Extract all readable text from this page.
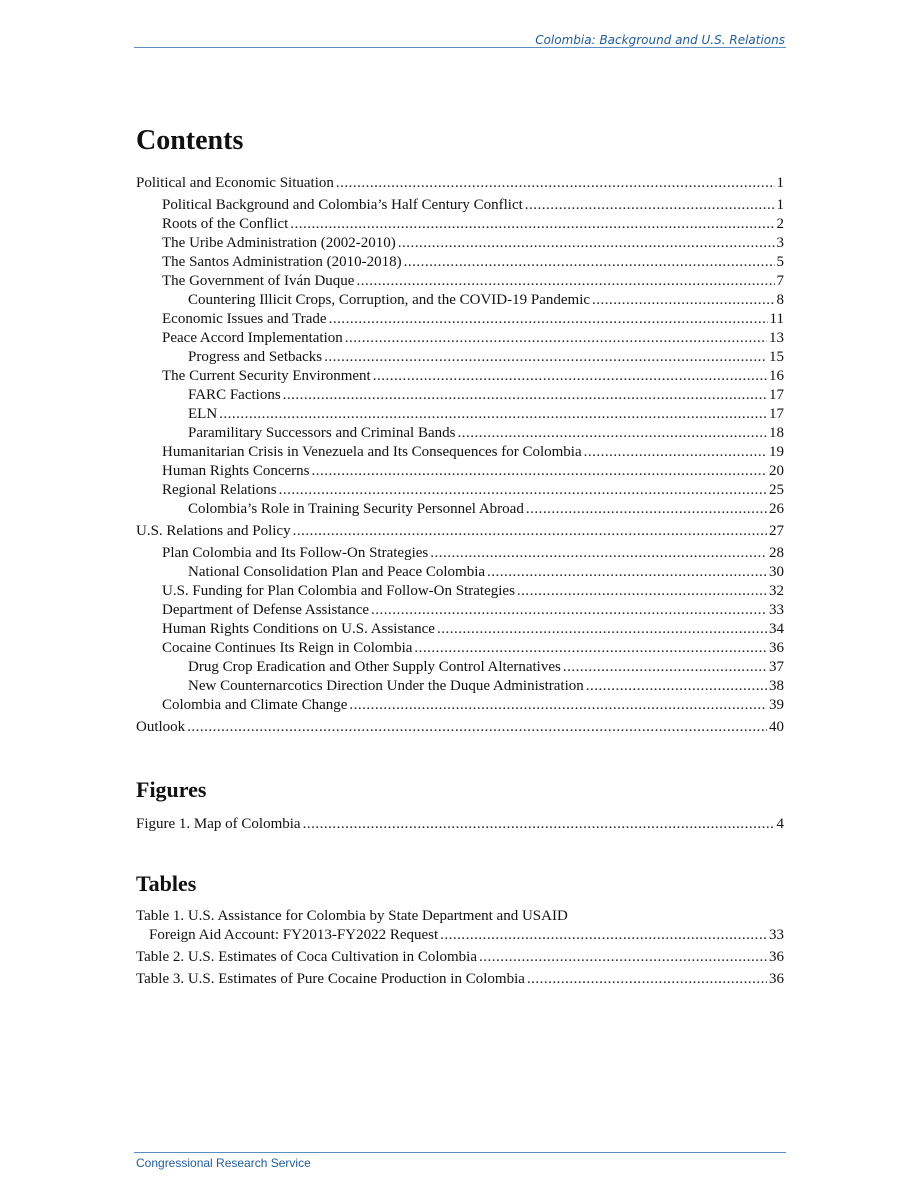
Colombia: Background and U.S. Relations
Contents
Political and Economic Situation .....	1
Political Background and Colombia’s Half Century Conflict .....	1
Roots of the Conflict .....	2
The Uribe Administration (2002-2010) .....	3
The Santos Administration (2010-2018) .....	5
The Government of Iván Duque .....	7
Countering Illicit Crops, Corruption, and the COVID-19 Pandemic .....	8
Economic Issues and Trade .....	11
Peace Accord Implementation .....	13
Progress and Setbacks .....	15
The Current Security Environment .....	16
FARC Factions .....	17
ELN .....	17
Paramilitary Successors and Criminal Bands .....	18
Humanitarian Crisis in Venezuela and Its Consequences for Colombia .....	19
Human Rights Concerns .....	20
Regional Relations .....	25
Colombia’s Role in Training Security Personnel Abroad .....	26
U.S. Relations and Policy .....	27
Plan Colombia and Its Follow-On Strategies .....	28
National Consolidation Plan and Peace Colombia .....	30
U.S. Funding for Plan Colombia and Follow-On Strategies .....	32
Department of Defense Assistance .....	33
Human Rights Conditions on U.S. Assistance .....	34
Cocaine Continues Its Reign in Colombia .....	36
Drug Crop Eradication and Other Supply Control Alternatives .....	37
New Counternarcotics Direction Under the Duque Administration .....	38
Colombia and Climate Change .....	39
Outlook .....	40
Figures
Figure 1. Map of Colombia .....	4
Tables
Table 1. U.S. Assistance for Colombia by State Department and USAID
Foreign Aid Account: FY2013-FY2022 Request .....	33
Table 2. U.S. Estimates of Coca Cultivation in Colombia .....	36
Table 3. U.S. Estimates of Pure Cocaine Production in Colombia .....	36
Congressional Research Service
